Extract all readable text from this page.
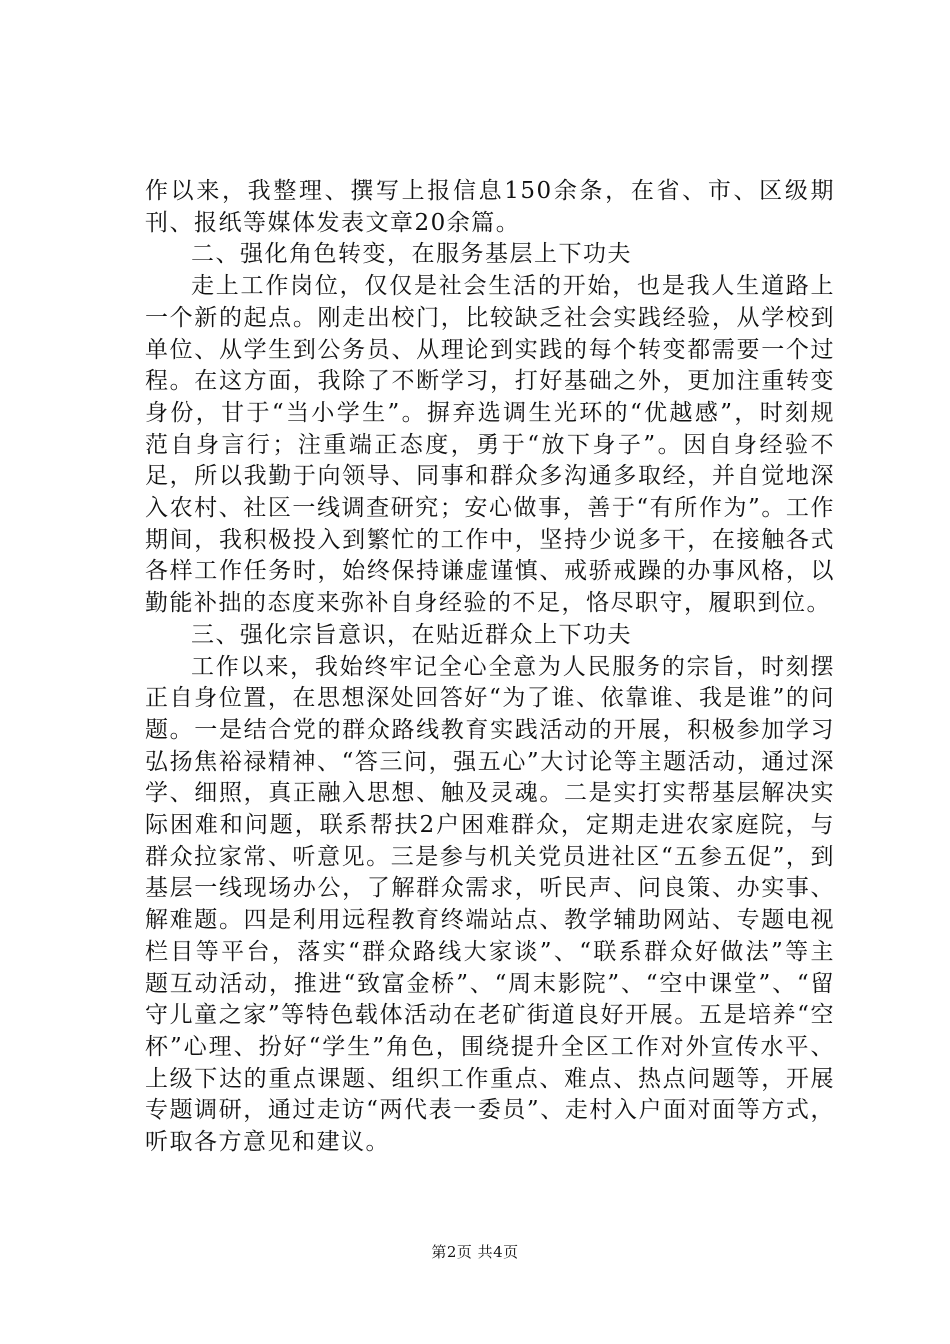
作以来，我整理、撰写上报信息150余条，在省、市、区级期刊、报纸等媒体发表文章20余篇。

二、强化角色转变，在服务基层上下功夫

走上工作岗位，仅仅是社会生活的开始，也是我人生道路上一个新的起点。刚走出校门，比较缺乏社会实践经验，从学校到单位、从学生到公务员、从理论到实践的每个转变都需要一个过程。在这方面，我除了不断学习，打好基础之外，更加注重转变身份，甘于“当小学生”。摒弃选调生光环的“优越感”，时刻规范自身言行；注重端正态度，勇于“放下身子”。因自身经验不足，所以我勤于向领导、同事和群众多沟通多取经，并自觉地深入农村、社区一线调查研究；安心做事，善于“有所作为”。工作期间，我积极投入到繁忙的工作中，坚持少说多干，在接触各式各样工作任务时，始终保持谦虚谨慎、戒骄戒躁的办事风格，以勤能补拙的态度来弥补自身经验的不足，恪尽职守，履职到位。

三、强化宗旨意识，在贴近群众上下功夫

工作以来，我始终牢记全心全意为人民服务的宗旨，时刻摆正自身位置，在思想深处回答好“为了谁、依靠谁、我是谁”的问题。一是结合党的群众路线教育实践活动的开展，积极参加学习弘扬焦裕禄精神、“答三问，强五心”大讨论等主题活动，通过深学、细照，真正融入思想、触及灵魂。二是实打实帮基层解决实际困难和问题，联系帮扶2户困难群众，定期走进农家庭院，与群众拉家常、听意见。三是参与机关党员进社区“五参五促”，到基层一线现场办公，了解群众需求，听民声、问良策、办实事、解难题。四是利用远程教育终端站点、教学辅助网站、专题电视栏目等平台，落实“群众路线大家谈”、“联系群众好做法”等主题互动活动，推进“致富金桥”、“周末影院”、“空中课堂”、“留守儿童之家”等特色载体活动在老矿街道良好开展。五是培养“空杯”心理、扮好“学生”角色，围绕提升全区工作对外宣传水平、上级下达的重点课题、组织工作重点、难点、热点问题等，开展专题调研，通过走访“两代表一委员”、走村入户面对面等方式，听取各方意见和建议。

第2页 共4页
